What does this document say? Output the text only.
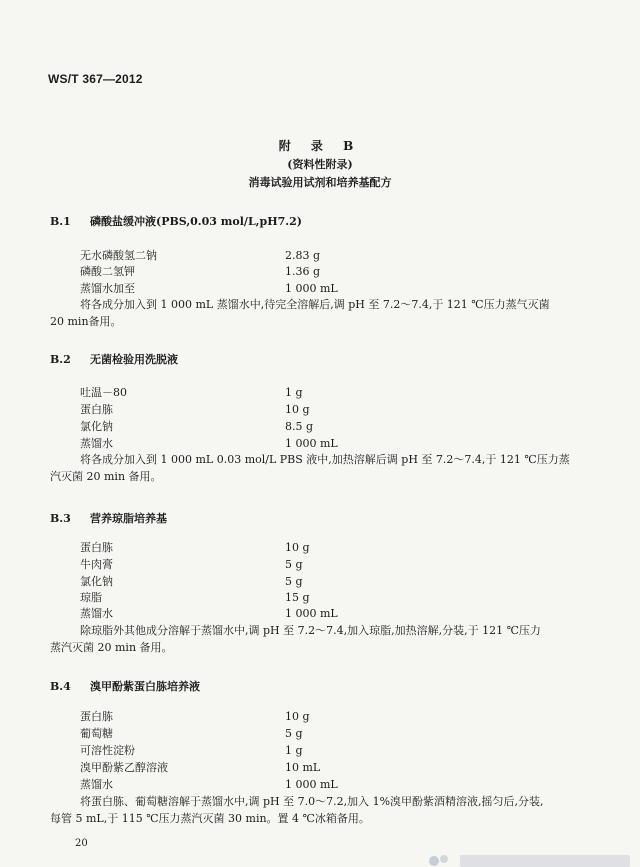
WS/T 367—2012
附 录 B
(资料性附录)
消毒试验用试剂和培养基配方
B.1 磷酸盐缓冲液(PBS,0.03 mol/L,pH7.2)
无水磷酸氢二钠	2.83 g
磷酸二氢钾	1.36 g
蒸馏水加至	1 000 mL
将各成分加入到 1 000 mL 蒸馏水中,待完全溶解后,调 pH 至 7.2～7.4,于 121 ℃压力蒸气灭菌
20 min备用。
B.2 无菌检验用洗脱液
吐温－80	1 g
蛋白胨	10 g
氯化钠	8.5 g
蒸馏水	1 000 mL
将各成分加入到 1 000 mL 0.03 mol/L PBS 液中,加热溶解后调 pH 至 7.2～7.4,于 121 ℃压力蒸
汽灭菌 20 min 备用。
B.3 营养琼脂培养基
蛋白胨	10 g
牛肉膏	5 g
氯化钠	5 g
琼脂	15 g
蒸馏水	1 000 mL
除琼脂外其他成分溶解于蒸馏水中,调 pH 至 7.2～7.4,加入琼脂,加热溶解,分装,于 121 ℃压力
蒸汽灭菌 20 min 备用。
B.4 溴甲酚紫蛋白胨培养液
蛋白胨	10 g
葡萄糖	5 g
可溶性淀粉	1 g
溴甲酚紫乙醇溶液	10 mL
蒸馏水	1 000 mL
将蛋白胨、葡萄糖溶解于蒸馏水中,调 pH 至 7.0～7.2,加入 1%溴甲酚紫酒精溶液,摇匀后,分装,
每管 5 mL,于 115 ℃压力蒸汽灭菌 30 min。置 4 ℃冰箱备用。
20
